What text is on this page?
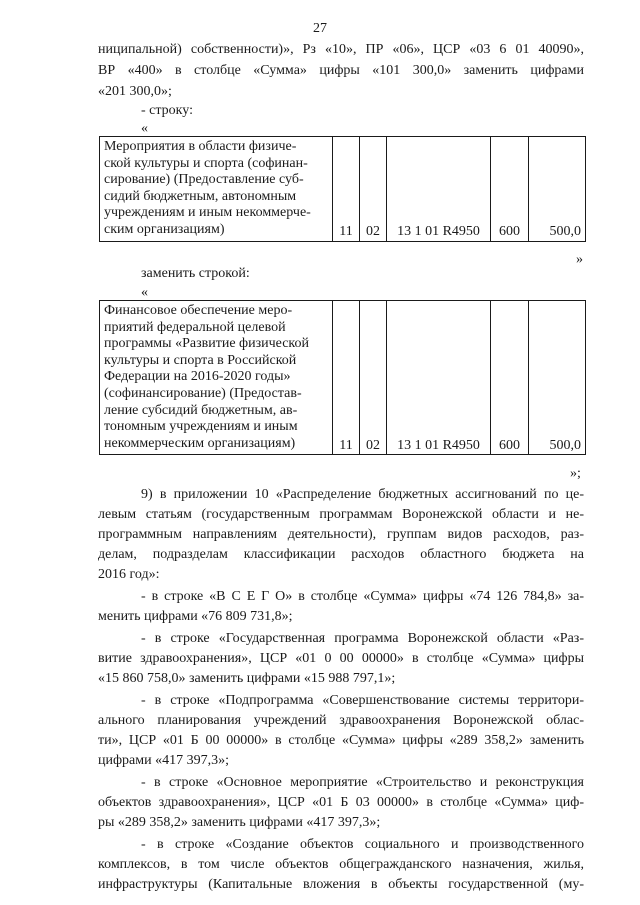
27
ниципальной) собственности)», Рз «10», ПР «06», ЦСР «03 6 01 40090»,
ВР «400» в столбце «Сумма» цифры «101 300,0» заменить цифрами
«201 300,0»;
- строку:
«
Мероприятия в области физиче-
ской культуры и спорта (софинан-
сирование) (Предоставление суб-
сидий бюджетным, автономным
учреждениям и иным некоммерче-
ским организациям)	11	02	13 1 01 R4950	600	500,0
»
заменить строкой:
«
Финансовое обеспечение меро-
приятий федеральной целевой
программы «Развитие физической
культуры и спорта в Российской
Федерации на 2016-2020 годы»
(софинансирование) (Предостав-
ление субсидий бюджетным, ав-
тономным учреждениям и иным
некоммерческим организациям)	11	02	13 1 01 R4950	600	500,0
»;
9) в приложении 10 «Распределение бюджетных ассигнований по це-
левым статьям (государственным программам Воронежской области и не-
программным направлениям деятельности), группам видов расходов, раз-
делам, подразделам классификации расходов областного бюджета на
2016 год»:
- в строке «В С Е Г О» в столбце «Сумма» цифры «74 126 784,8» за-
менить цифрами «76 809 731,8»;
- в строке «Государственная программа Воронежской области «Раз-
витие здравоохранения», ЦСР «01 0 00 00000» в столбце «Сумма» цифры
«15 860 758,0» заменить цифрами «15 988 797,1»;
- в строке «Подпрограмма «Совершенствование системы территори-
ального планирования учреждений здравоохранения Воронежской облас-
ти», ЦСР «01 Б 00 00000» в столбце «Сумма» цифры «289 358,2» заменить
цифрами «417 397,3»;
- в строке «Основное мероприятие «Строительство и реконструкция
объектов здравоохранения», ЦСР «01 Б 03 00000» в столбце «Сумма» циф-
ры «289 358,2» заменить цифрами «417 397,3»;
- в строке «Создание объектов социального и производственного
комплексов, в том числе объектов общегражданского назначения, жилья,
инфраструктуры (Капитальные вложения в объекты государственной (му-
